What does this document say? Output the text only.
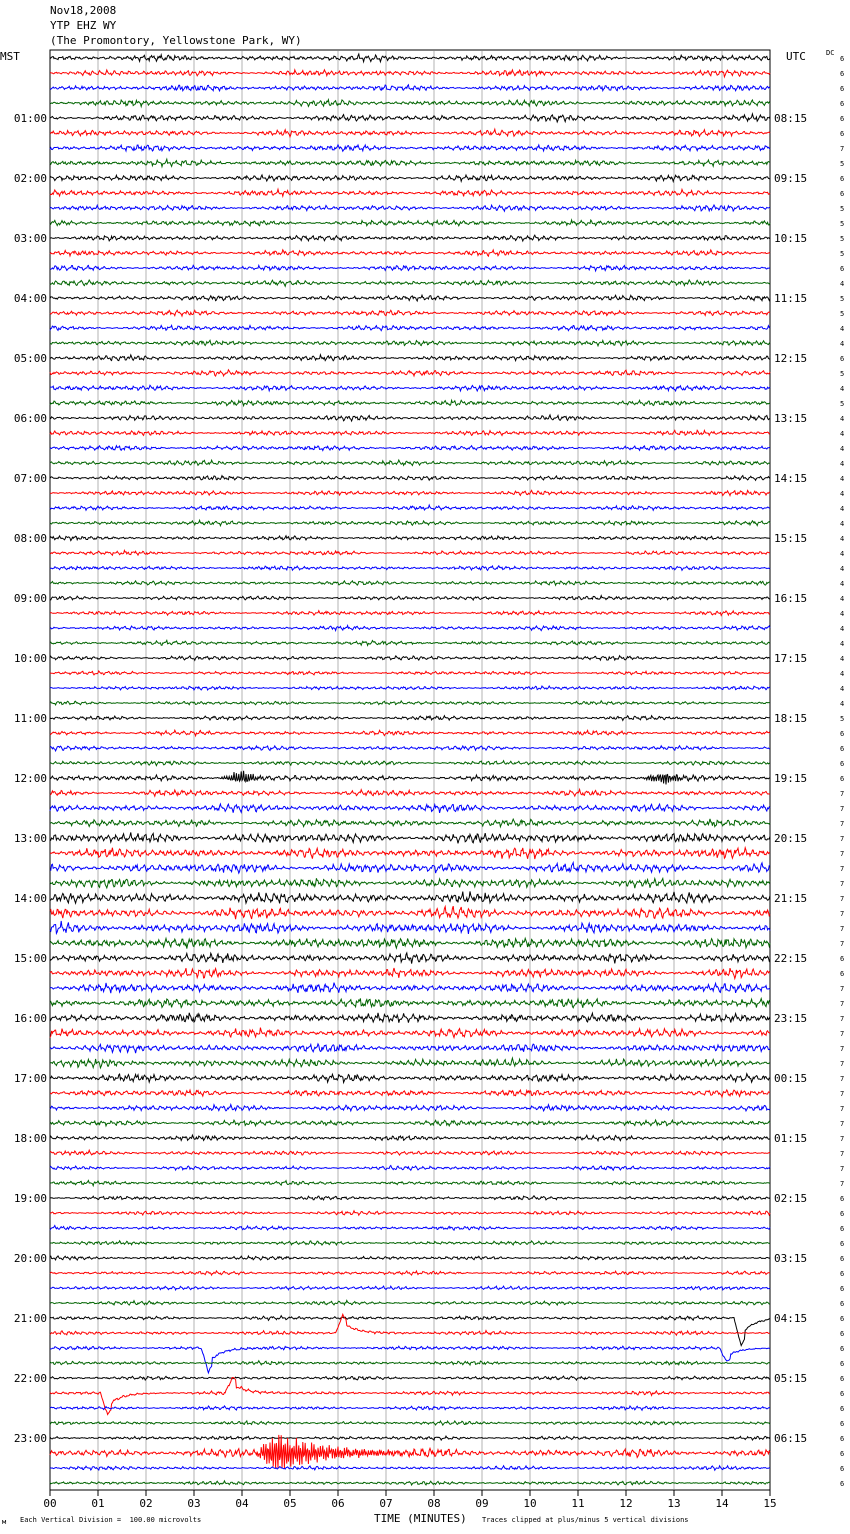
Nov18,2008
YTP EHZ WY
(The Promontory, Yellowstone Park, WY)
MST	UTC	DC
01:00
02:00
03:00
04:00
05:00
06:00
07:00
08:00
09:00
10:00
11:00
12:00
13:00
14:00
15:00
16:00
17:00
18:00
19:00
20:00
21:00
22:00
23:00
08:15
09:15
10:15
11:15
12:15
13:15
14:15
15:15
16:15
17:15
18:15
19:15
20:15
21:15
22:15
23:15
00:15
01:15
02:15
03:15
04:15
05:15
06:15
6
6
6
6
6
6
7
5
6
6
5
5
5
5
6
4
5
5
4
4
6
5
4
5
4
4
4
4
4
4
4
4
4
4
4
4
4
4
4
4
4
4
4
4
5
6
6
6
6
7
7
7
7
7
7
7
7
7
7
7
6
6
7
7
7
7
7
7
7
7
7
7
7
7
7
7
6
6
6
6
6
6
6
6
6
6
6
6
6
6
6
6
6
6
6
6
00	01	02	03	04	05	06	07	08	09	10	11	12	13	14	15
TIME (MINUTES)
Each Vertical Division =  100.00 microvolts	Traces clipped at plus/minus 5 vertical divisions
м
